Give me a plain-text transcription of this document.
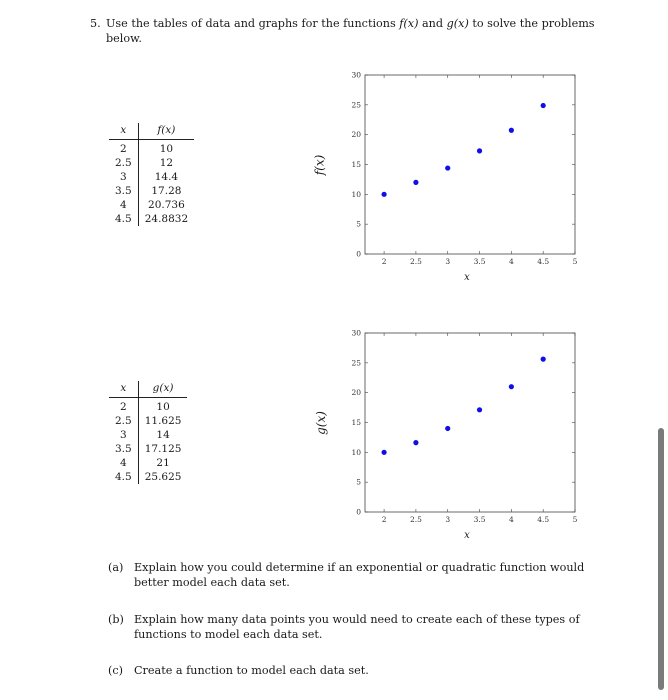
5. Use the tables of data and graphs for the functions f(x) and g(x) to solve the problems below.
x	f(x)
2	10
2.5	12
3	14.4
3.5	17.28
4	20.736
4.5	24.8832
x	g(x)
2	10
2.5	11.625
3	14
3.5	17.125
4	21
4.5	25.625
f(x)
0
5
10
15
20
25
30
2	2.5	3	3.5	4	4.5	5
x
g(x)
0
5
10
15
20
25
30
2	2.5	3	3.5	4	4.5	5
x
(a) Explain how you could determine if an exponential or quadratic function would better model each data set.
(b) Explain how many data points you would need to create each of these types of functions to model each data set.
(c) Create a function to model each data set.
